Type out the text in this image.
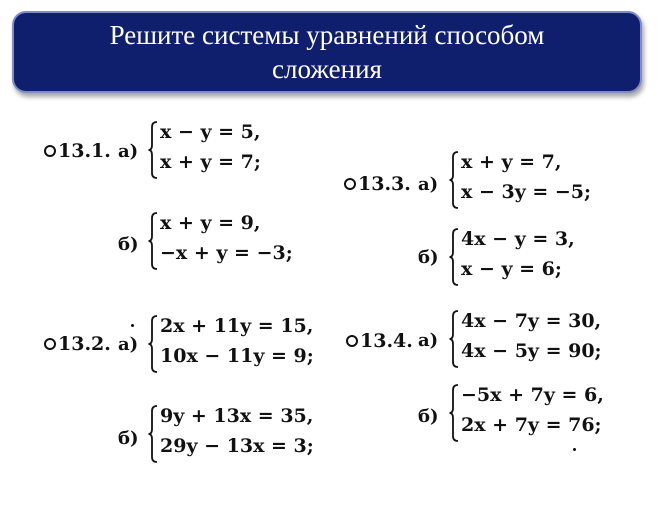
Решите системы уравнений способом
сложения
13.1. а)
x − y = 5,
x + y = 7;
б)
x + y = 9,
−x + y = −3;
13.2. а)
2x + 11y = 15,
10x − 11y = 9;
б)
9y + 13x = 35,
29y − 13x = 3;
13.3. а)
x + y = 7,
x − 3y = −5;
б)
4x − y = 3,
x − y = 6;
13.4. а)
4x − 7y = 30,
4x − 5y = 90;
б)
−5x + 7y = 6,
2x + 7y = 76;
